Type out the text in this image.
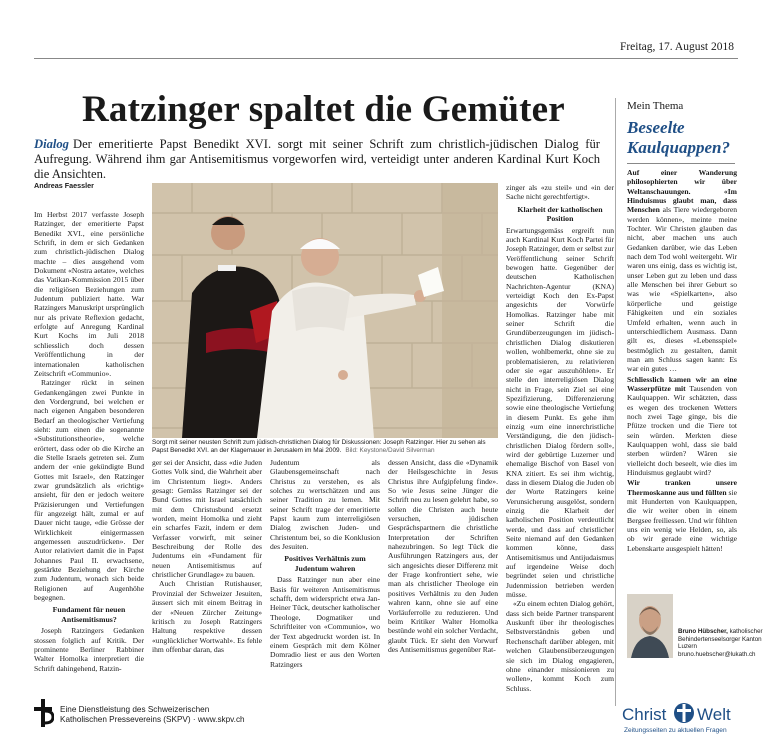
Freitag, 17. August 2018
Ratzinger spaltet die Gemüter
Dialog Der emeritierte Papst Benedikt XVI. sorgt mit seiner Schrift zum christlich-jüdischen Dialog für Aufregung. Während ihm gar Antisemitismus vorgeworfen wird, verteidigt unter anderen Kardinal Kurt Koch die Ansichten.
Andreas Faessler

Im Herbst 2017 verfasste Joseph Ratzinger, der emeritierte Papst Benedikt XVI., eine persönliche Schrift, in dem er sich Gedanken zum christlich-jüdischen Dialog machte – dies ausgehend vom Dokument «Nostra aetate», welches das Vatikan-Kommission 2015 über die religiösen Beziehungen zum Judentum publiziert hatte. War Ratzingers Manuskript ursprünglich nur als private Reflexion gedacht, erfolgte auf Anregung Kardinal Kurt Kochs im Juli 2018 schliesslich doch dessen Veröffentlichung in der internationalen katholischen Zeitschrift «Communio».

Ratzinger rückt in seinen Gedankengängen zwei Punkte in den Vordergrund, bei welchen er nach eigenen Angaben besonderen Bedarf an theologischer Vertiefung sieht: zum einen die sogenannte «Substitutionstheorie», welche erörtert, dass oder ob die Kirche an die Stelle Israels getreten sei. Zum andern der «nie gekündigte Bund Gottes mit Israel», den Ratzinger zwar grundsätzlich als «richtig» ansieht, für den er jedoch weitere Präzisierungen und Vertiefungen für angezeigt hält, zumal er auf Dauer nicht tauge, «die Grösse der Wirklichkeit einigermassen angemessen auszudrücken». Der Autor relativiert damit die in Papst Johannes Paul II. erwachsene, gestärkte Beziehung der Kirche zum Judentum, wonach sich beide Religionen auf Augenhöhe begegnen.

Fundament für neuen Antisemitismus?

Joseph Ratzingers Gedanken stossen folglich auf Kritik. Der prominente Berliner Rabbiner Walter Homolka interpretiert die Schrift dahingehend, Ratzin-

Sorgt mit seiner neusten Schrift zum jüdisch-christlichen Dialog für Diskussionen: Joseph Ratzinger. Hier zu sehen als Papst Benedikt XVI. an der Klagemauer in Jerusalem im Mai 2009. Bild: Keystone/David Silverman

ger sei der Ansicht, dass «die Juden Gottes Volk sind, die Wahrheit aber im Christentum liegt». Anders gesagt: Gemäss Ratzinger sei der Bund Gottes mit Israel tatsächlich mit dem Christusbund ersetzt worden, meint Homolka und zieht ein scharfes Fazit, indem er dem Verfasser vorwirft, mit seiner Beschreibung der Rolle des Judentums ein «Fundament für neuen Antisemitismus auf christlicher Grundlage» zu bauen.

Auch Christian Rutishauser, Provinzial der Schweizer Jesuiten, äussert sich mit einem Beitrag in der «Neuen Zürcher Zeitung» kritisch zu Joseph Ratzingers Haltung respektive dessen «unglücklicher Wortwahl». Es fehle ihm offenbar daran, das

Judentum als Glaubensgemeinschaft nach Christus zu verstehen, es als solches zu wertschätzen und aus seiner Tradition zu lernen. Mit seiner Schrift trage der emeritierte Papst kaum zum interreligiösen Dialog zwischen Juden- und Christentum bei, so die Konklusion des Jesuiten.

Positives Verhältnis zum Judentum wahren

Dass Ratzinger nun aber eine Basis für weiteren Antisemitismus schafft, dem widerspricht etwa Jan-Heiner Tück, deutscher katholischer Theologe, Dogmatiker und Schriftleiter von «Communio», wo der Text abgedruckt worden ist. In einem Gespräch mit dem Kölner Domradio liest er aus den Worten Ratzingers

dessen Ansicht, dass die «Dynamik der Heilsgeschichte in Jesus Christus ihre Aufgipfelung finde». So wie Jesus seine Jünger die Schrift neu zu lesen gelehrt habe, so sollen die Christen auch heute versuchen, jüdischen Gesprächspartnern die christliche Interpretation der Schriften nahezubringen. So legt Tück die Ausführungen Ratzingers aus, der sich angesichts dieser Differenz mit der Frage konfrontiert sehe, wie man als christlicher Theologe ein positives Verhältnis zu den Juden wahren kann, ohne sie auf eine Vorläuferrolle zu reduzieren. Und beim Kritiker Walter Homolka bestünde wohl ein solcher Verdacht, glaubt Tück. Er sieht den Vorwurf des Antisemitismus gegenüber Rat-

zinger als «zu steil» und «in der Sache nicht gerechtfertigt».

Klarheit der katholischen Position

Erwartungsgemäss ergreift nun auch Kardinal Kurt Koch Partei für Joseph Ratzinger, dem er selbst zur Veröffentlichung seiner Schrift bewogen hatte. Gegenüber der deutschen Katholischen Nachrichten-Agentur (KNA) verteidigt Koch den Ex-Papst angesichts der Vorwürfe Homolkas. Ratzinger habe mit seiner Schrift die Grundüberzeugungen im jüdisch-christlichen Dialog diskutieren wollen, wohlbemerkt, ohne sie zu problematisieren, zu relativieren oder sie «gar auszuhöhlen». Er stelle den interreligiösen Dialog nicht in Frage, sein Ziel sei eine Spezifizierung, Differenzierung sowie eine theologische Vertiefung in diesem Punkt. Es gehe ihm einzig «um eine innerchristliche Verständigung, die den jüdisch-christlichen Dialog fördern soll», wird der gebürtige Luzerner und ehemalige Bischof von Basel von KNA zitiert. Es sei ihm wichtig, dass in diesem Dialog die Juden ob der Worte Ratzingers keine Verunsicherung ausgelöst, sondern einzig die Klarheit der katholischen Position verdeutlicht werde, und dass auf christlicher Seite niemand auf den Gedanken kommen könne, dass Antisemitismus und Antijudaismus auf irgendeine Weise doch begründet seien und christliche Judenmission betrieben werden müsse.

«Zu einem echten Dialog gehört, dass sich beide Partner transparent Auskunft über ihr theologisches Selbstverständnis geben und Rechenschaft darüber ablegen, mit welchen Glaubensüberzeugungen sie sich im Dialog engagieren, ohne einander missionieren zu wollen», kommt Koch zum Schluss.

Mein Thema
Beseelte Kaulquappen?

Auf einer Wanderung philosophierten wir über Weltanschauungen. «Im Hinduismus glaubt man, dass Menschen als Tiere wiedergeboren werden können», meinte meine Tochter. Wir Christen glauben das nicht, aber machen uns auch Gedanken darüber, wie das Leben nach dem Tod wohl weitergeht. Wir waren uns einig, dass es wichtig ist, unser Leben gut zu leben und dass alle Menschen bei ihrer Geburt so was wie «Spielkarten», also körperliche und geistige Fähigkeiten und ein soziales Umfeld erhalten, wenn auch in unterschiedlichem Ausmass. Dann gilt es, dieses «Lebensspiel» bestmöglich zu gestalten, damit man am Schluss sagen kann: Es war ein gutes …

Schliesslich kamen wir an eine Wasserpfütze mit Tausenden von Kaulquappen. Wir schätzten, dass es wegen des trockenen Wetters noch zwei Tage ginge, bis die Pfütze trocken und die Tiere tot sein würden. Merkten diese Kaulquappen wohl, dass sie bald sterben würden? Wären sie vielleicht doch beseelt, wie dies im Hinduismus geglaubt wird?

Wir tranken unsere Thermoskanne aus und füllten sie mit Hunderten von Kaulquappen, die wir weiter oben in einem Bergsee freiliessen. Und wir fühlten uns ein wenig wie Helden, so, als ob wir gerade eine wichtige Lebenskarte ausgespielt hätten!

Bruno Hübscher, katholischer Behindertenseelsorger Kanton Luzern
bruno.huebscher@lukath.ch
Eine Dienstleistung des Schweizerischen
Katholischen Pressevereins (SKPV) · www.skpv.ch	Christ Welt
Zeitungsseiten zu aktuellen Fragen
